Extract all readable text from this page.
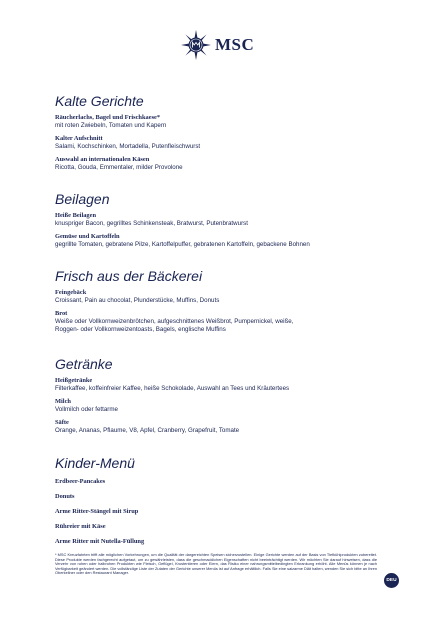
MSC
Kalte Gerichte
Räucherlachs, Bagel und Frischkaese*
mit roten Zwiebeln, Tomaten und Kapern
Kalter Aufschnitt
Salami, Kochschinken, Mortadella, Putenfleischwurst
Auswahl an internationalen Käsen
Ricotta, Gouda, Emmentaler, milder Provolone
Beilagen
Heiße Beilagen
knuspriger Bacon, gegrilltes Schinkensteak, Bratwurst, Putenbratwurst
Gemüse und Kartoffeln
gegrillte Tomaten, gebratene Pilze, Kartoffelpuffer, gebratenen Kartoffeln, gebackene Bohnen
Frisch aus der Bäckerei
Feingebäck
Croissant, Pain au chocolat, Plunderstücke, Muffins, Donuts
Brot
Weiße oder Vollkornweizenbrötchen, aufgeschnittenes Weißbrot, Pumpernickel, weiße,
Roggen- oder Vollkornweizentoasts, Bagels, englische Muffins
Getränke
Heißgetränke
Filterkaffee, koffeinfreier Kaffee, heiße Schokolade, Auswahl an Tees und Kräutertees
Milch
Vollmilch oder fettarme
Säfte
Orange, Ananas, Pflaume, V8, Apfel, Cranberry, Grapefruit, Tomate
Kinder-Menü
Erdbeer-Pancakes
Donuts
Arme Ritter-Stängel mit Sirup
Rühreier mit Käse
Arme Ritter mit Nutella-Füllung
* MSC Kreuzfahrten trifft alle möglichen Vorkehrungen, um die Qualität der dargereichten Speisen sicherzustellen. Einige Gerichte werden auf der Basis von Tiefkühlprodukten zubereitet. Diese Produkte werden fachgerecht aufgetaut, um zu gewährleisten, dass die geschmacklichen Eigenschaften nicht beeinträchtigt werden. Wir möchten Sie darauf hinweisen, dass die Verzehr von rohen oder halbrohen Produkten wie Fleisch, Geflügel, Krustentieren oder Eiern, das Risiko einer nahrungsmittelbedingten Erkrankung erhöht. Alle Menüs können je nach Verfügbarkeit geändert werden. Die vollständige Liste der Zutaten der Gerichte unserer Menüs ist auf Anfrage erhältlich. Falls Sie eine saizarme Diät halten, wenden Sie sich bitte an Ihren Oberkellner oder den Restaurant Manager.
DEU
